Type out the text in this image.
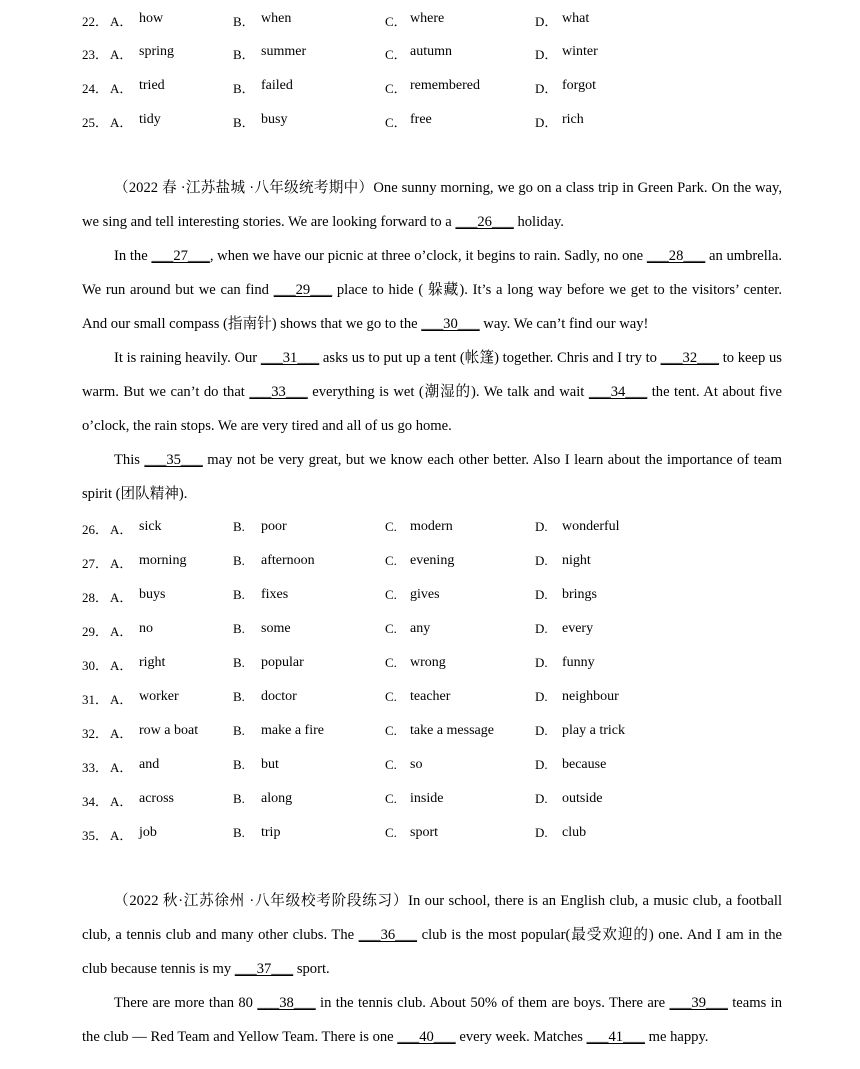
22． A． how	B． when	C． where	D． what
23． A． spring	B． summer	C． autumn	D． winter
24． A． tried	B． failed	C． remembered	D． forgot
25． A． tidy	B． busy	C． free	D． rich

（2022 春 ·江苏盐城 ·八年级统考期中）One sunny morning, we go on a class trip in Green Park. On the way, we sing and tell interesting stories. We are looking forward to a ___26___ holiday.

In the ___27___, when we have our picnic at three o’clock, it begins to rain. Sadly, no one ___28___ an umbrella. We run around but we can find ___29___ place to hide ( 躲藏). It’s a long way before we get to the visitors’ center. And our small compass (指南针) shows that we go to the ___30___ way. We can’t find our way!

It is raining heavily. Our ___31___ asks us to put up a tent (帐篷) together. Chris and I try to ___32___ to keep us warm. But we can’t do that ___33___ everything is wet (潮湿的). We talk and wait ___34___ the tent. At about five o’clock, the rain stops. We are very tired and all of us go home.

This ___35___ may not be very great, but we know each other better. Also I learn about the importance of team spirit (团队精神).

26． A． sick	B. poor	C. modern	D. wonderful
27． A． morning	B. afternoon	C. evening	D. night
28． A． buys	B. fixes	C. gives	D. brings
29． A． no	B. some	C. any	D. every
30． A． right	B. popular	C. wrong	D. funny
31． A． worker	B. doctor	C. teacher	D. neighbour
32． A． row a boat	B. make a fire	C. take a message	D. play a trick
33． A． and	B. but	C. so	D. because
34． A． across	B. along	C. inside	D. outside
35． A． job	B. trip	C. sport	D. club

（2022 秋·江苏徐州 ·八年级校考阶段练习）In our school, there is an English club, a music club, a football club, a tennis club and many other clubs. The ___36___ club is the most popular(最受欢迎的) one. And I am in the club because tennis is my ___37___ sport.

There are more than 80 ___38___ in the tennis club. About 50% of them are boys. There are ___39___ teams in the club — Red Team and Yellow Team. There is one ___40___ every week. Matches ___41___ me happy.
